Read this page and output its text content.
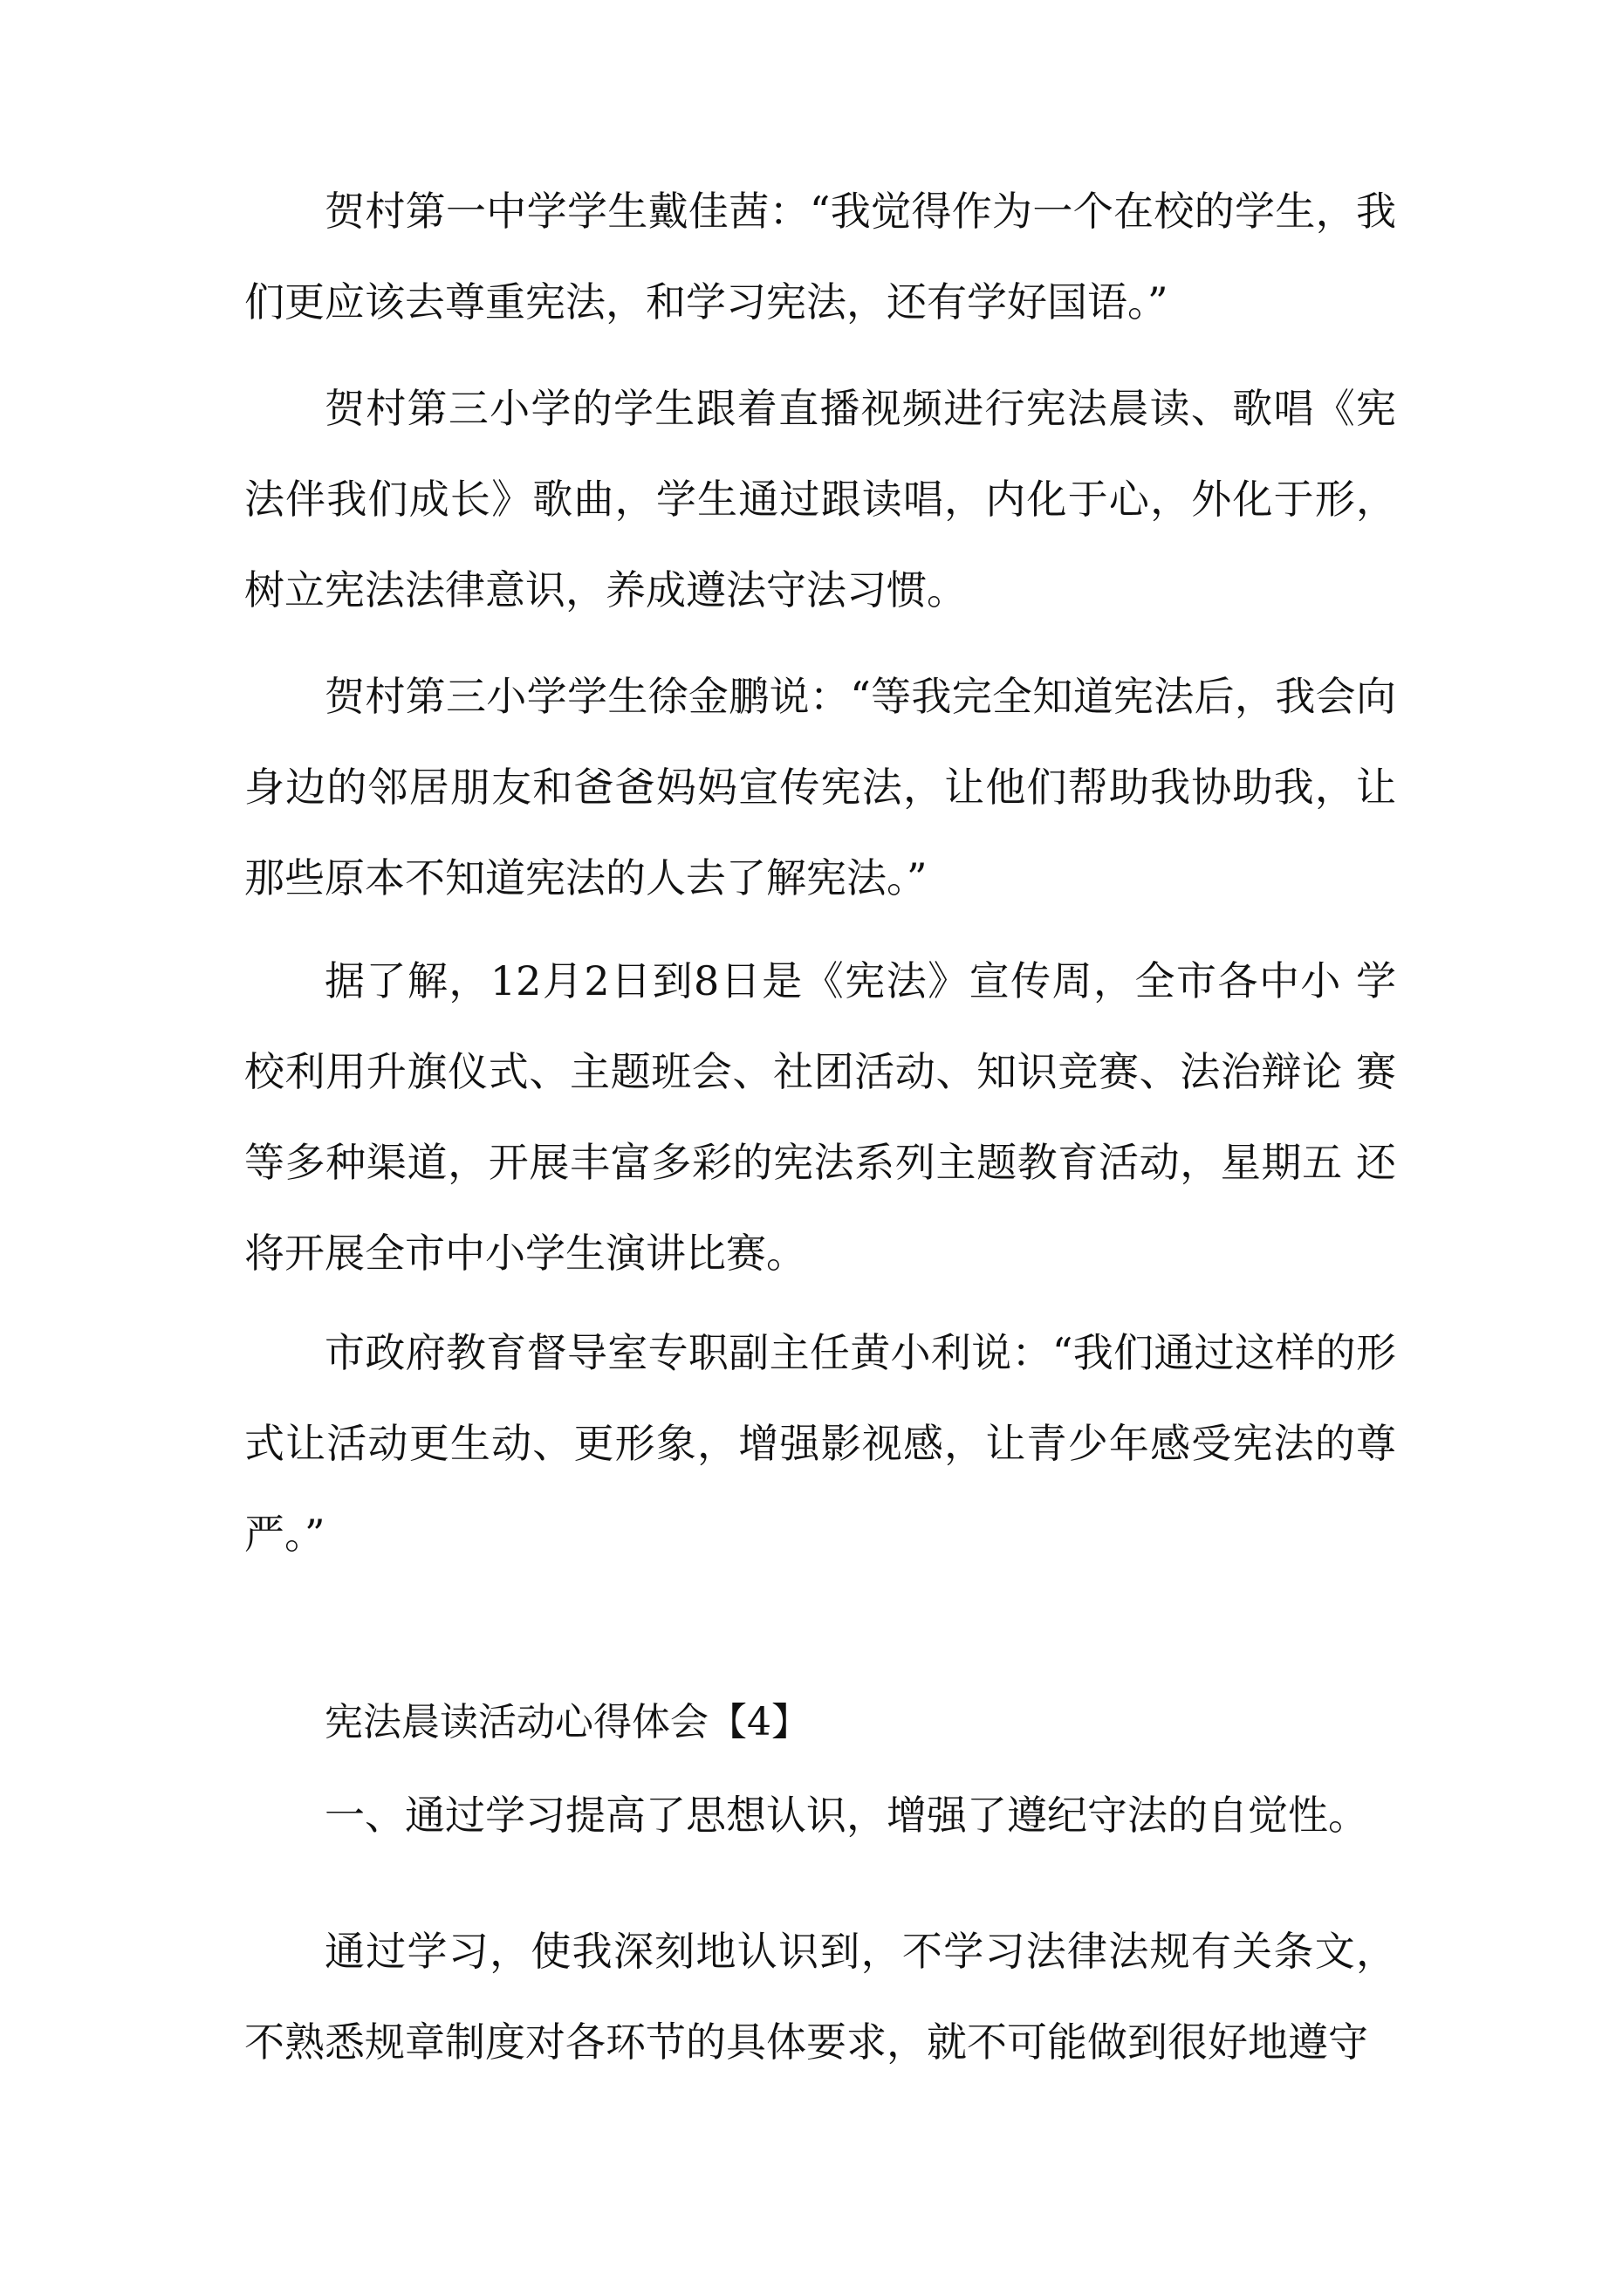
贺村第一中学学生戴佳茜：“我觉得作为一个在校的学生，我们更应该去尊重宪法，和学习宪法，还有学好国语。”

贺村第三小学的学生跟着直播视频进行宪法晨读、歌唱《宪法伴我们成长》歌曲，学生通过跟读唱，内化于心，外化于形，树立宪法法律意识，养成遵法守法习惯。

贺村第三小学学生徐金鹏说：“等我完全知道宪法后，我会向身边的邻居朋友和爸爸妈妈宣传宪法，让他们帮助我协助我，让那些原本不知道宪法的人去了解宪法。”

据了解，12月2日到8日是《宪法》宣传周，全市各中小 学校利用升旗仪式、主题班会、社团活动、知识竞赛、法治辩论 赛等多种渠道，开展丰富多彩的宪法系列主题教育活动，星期五 还将开展全市中小学生演讲比赛。

市政府教育督导室专职副主任黄小利说：“我们通过这样的形式让活动更生动、更形象，增强影视感，让青少年感受宪法的尊严。”

宪法晨读活动心得体会【4】

一、通过学习提高了思想认识，增强了遵纪守法的自觉性。

通过学习，使我深刻地认识到，不学习法律法规有关条文，不熟悉规章制度对各环节的具体要求，就不可能做到很好地遵守
